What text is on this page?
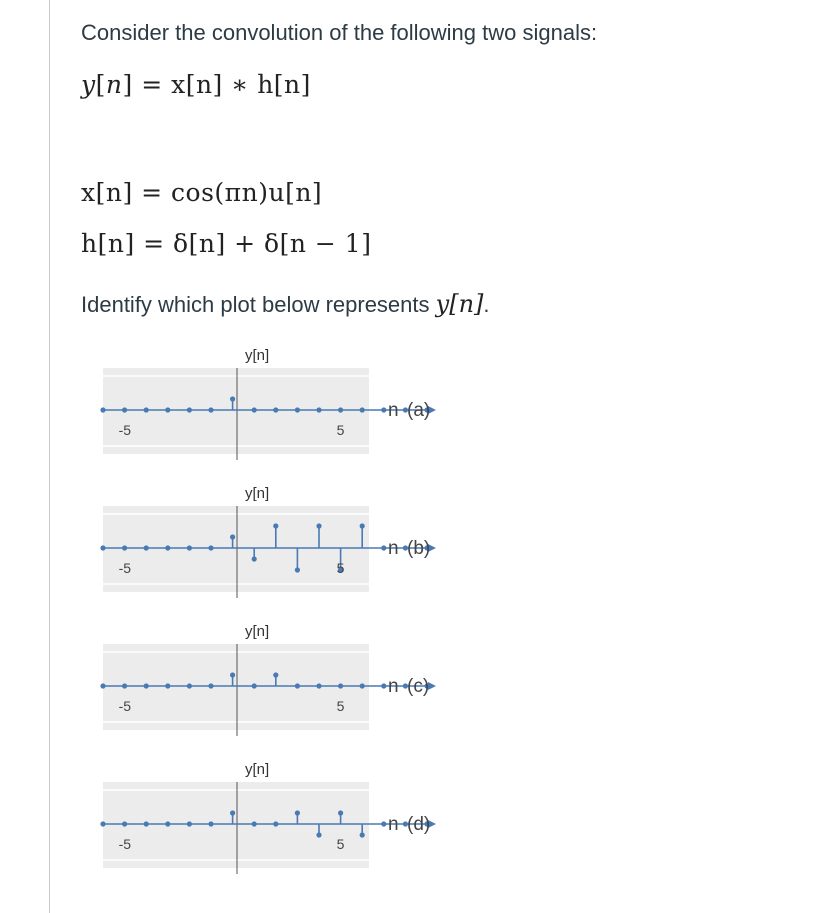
Consider the convolution of the following two signals:
y[n] = x[n] ∗ h[n]
x[n] = cos(πn)u[n]
h[n] = δ[n] + δ[n − 1]
Identify which plot below represents y[n].
y[n]
-5	5
n (a)
y[n]
-5	5
n (b)
y[n]
-5	5
n (c)
y[n]
-5	5
n (d)
